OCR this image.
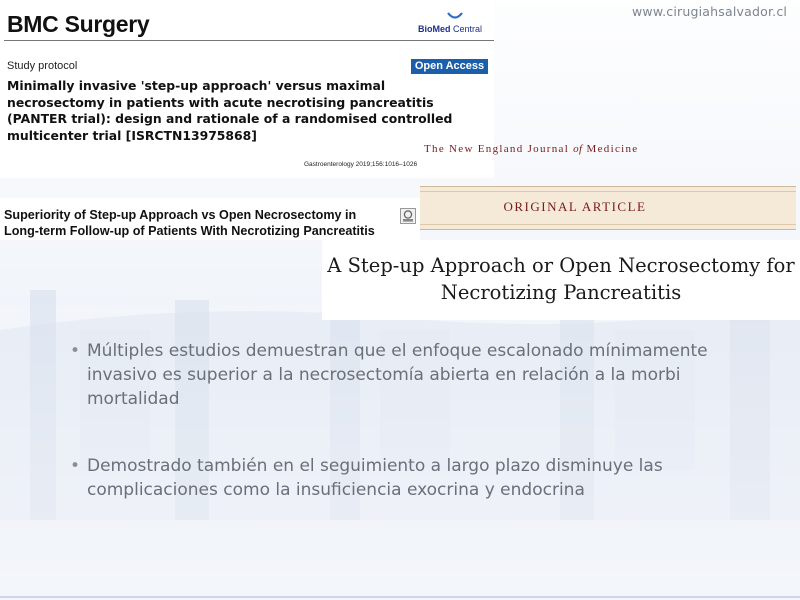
www.cirugiahsalvador.cl
BMC Surgery	BioMed Central
Study protocol	Open Access

Minimally invasive 'step-up approach' versus maximal necrosectomy in patients with acute necrotising pancreatitis (PANTER trial): design and rationale of a randomised controlled multicenter trial [ISRCTN13975868]

Gastroenterology 2019;156:1016–1026

Superiority of Step-up Approach vs Open Necrosectomy in Long-term Follow-up of Patients With Necrotizing Pancreatitis

The New England Journal of Medicine
ORIGINAL ARTICLE

A Step-up Approach or Open Necrosectomy for Necrotizing Pancreatitis

• Múltiples estudios demuestran que el enfoque escalonado mínimamente invasivo es superior a la necrosectomía abierta en relación a la morbi mortalidad
• Demostrado también en el seguimiento a largo plazo disminuye las complicaciones como la insuficiencia exocrina y endocrina
